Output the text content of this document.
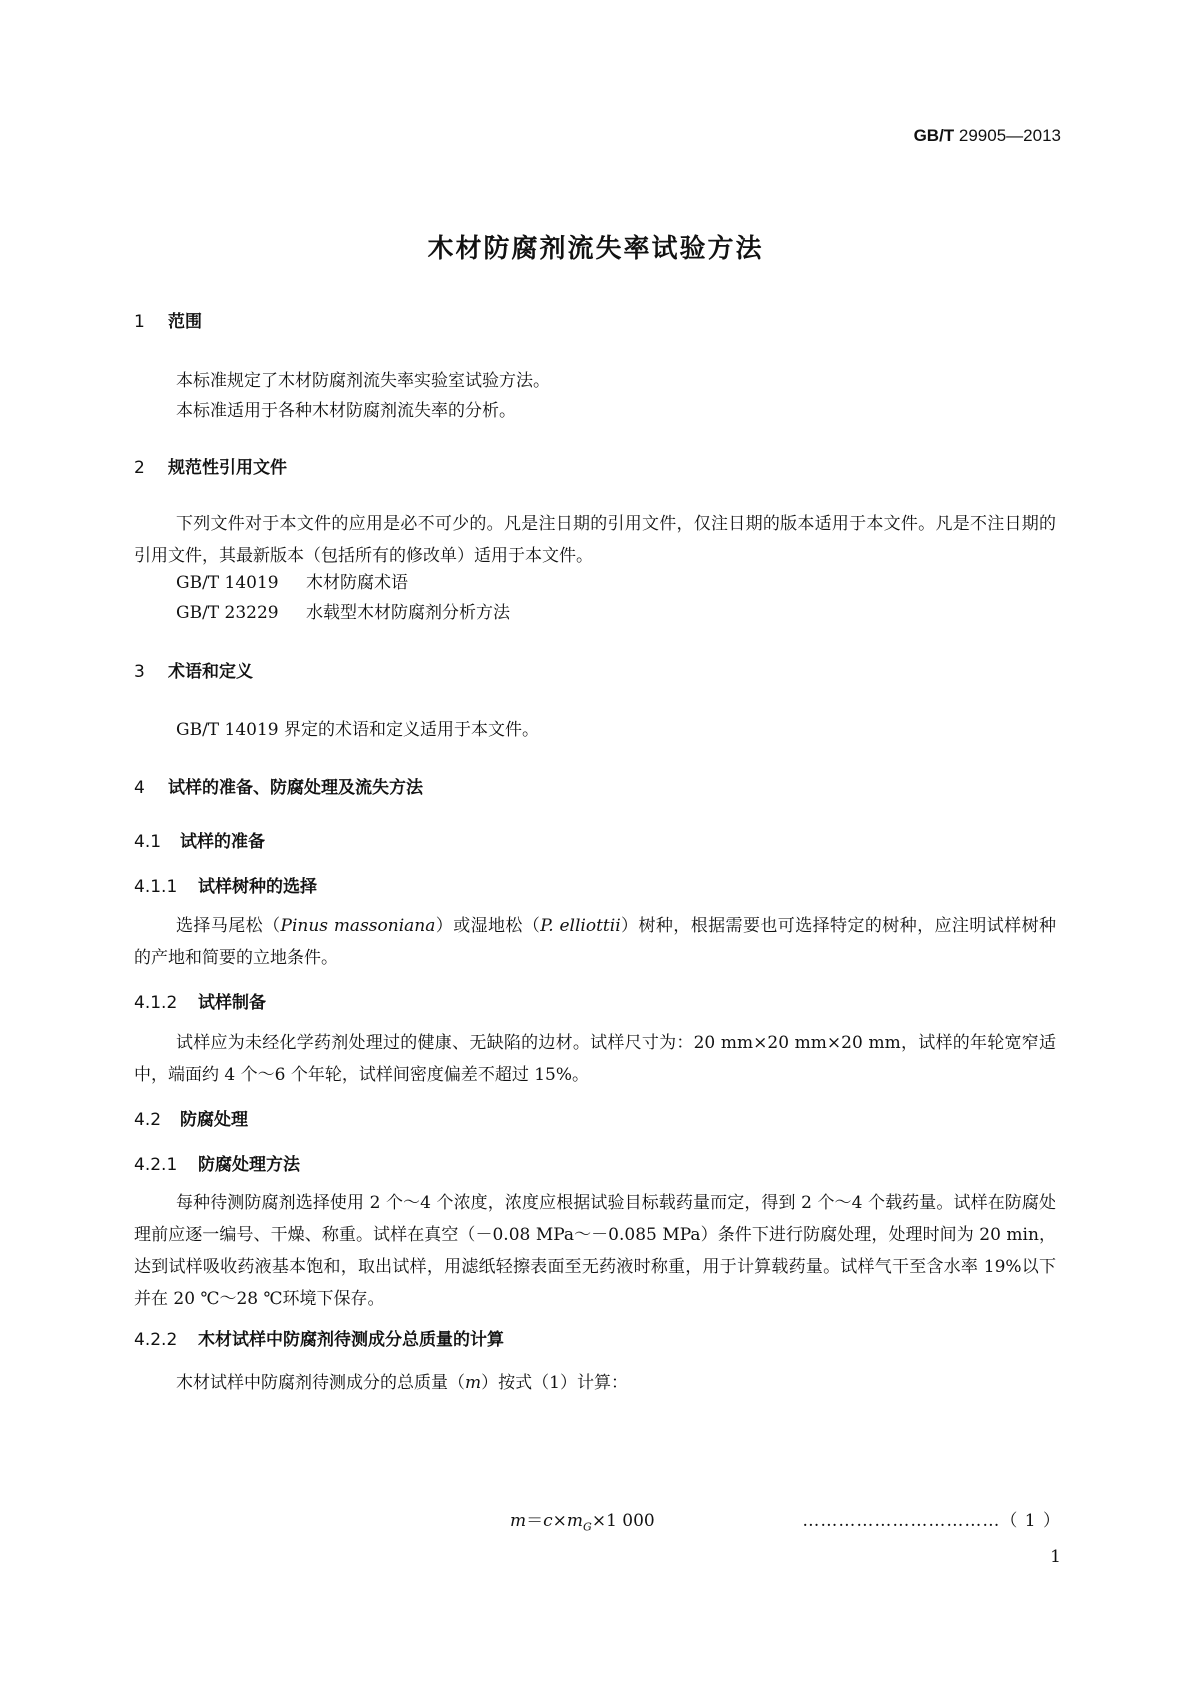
GB/T 29905—2013
木材防腐剂流失率试验方法
1 范围
本标准规定了木材防腐剂流失率实验室试验方法。
本标准适用于各种木材防腐剂流失率的分析。
2 规范性引用文件
下列文件对于本文件的应用是必不可少的。凡是注日期的引用文件，仅注日期的版本适用于本文件。凡是不注日期的引用文件，其最新版本（包括所有的修改单）适用于本文件。
GB/T 14019 木材防腐术语
GB/T 23229 水载型木材防腐剂分析方法
3 术语和定义
GB/T 14019 界定的术语和定义适用于本文件。
4 试样的准备、防腐处理及流失方法
4.1 试样的准备
4.1.1 试样树种的选择
选择马尾松（Pinus massoniana）或湿地松（P. elliottii）树种，根据需要也可选择特定的树种，应注明试样树种的产地和简要的立地条件。
4.1.2 试样制备
试样应为未经化学药剂处理过的健康、无缺陷的边材。试样尺寸为：20 mm×20 mm×20 mm，试样的年轮宽窄适中，端面约 4 个～6 个年轮，试样间密度偏差不超过 15%。
4.2 防腐处理
4.2.1 防腐处理方法
每种待测防腐剂选择使用 2 个～4 个浓度，浓度应根据试验目标载药量而定，得到 2 个～4 个载药量。试样在防腐处理前应逐一编号、干燥、称重。试样在真空（－0.08 MPa～－0.085 MPa）条件下进行防腐处理，处理时间为 20 min，达到试样吸收药液基本饱和，取出试样，用滤纸轻擦表面至无药液时称重，用于计算载药量。试样气干至含水率 19%以下并在 20 ℃～28 ℃环境下保存。
4.2.2 木材试样中防腐剂待测成分总质量的计算
木材试样中防腐剂待测成分的总质量（m）按式（1）计算：
$m=c\times m_G\times 1$ 000	……………………………（ 1 ）
1
